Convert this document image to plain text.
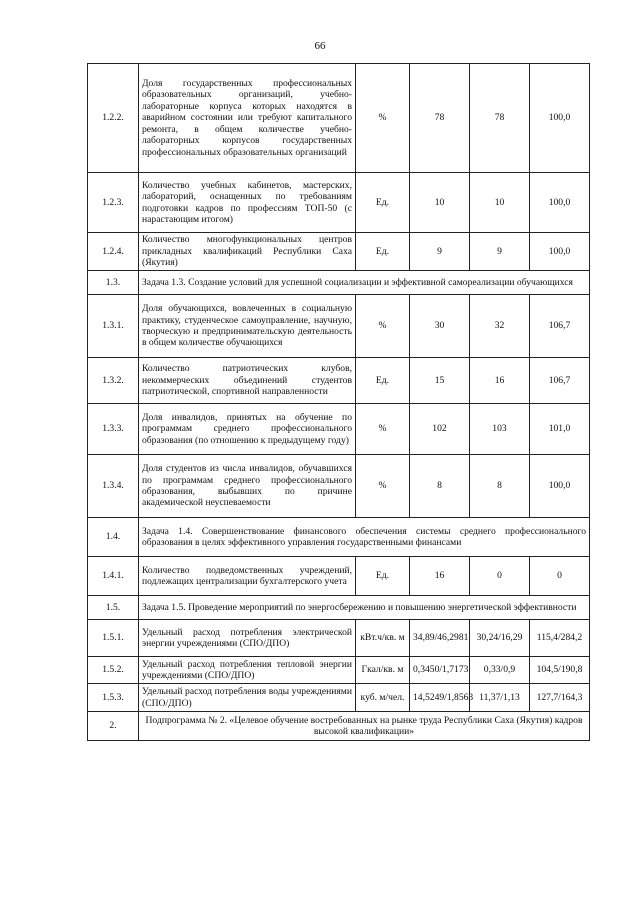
66
1.2.2.	Доля государственных профессиональных образовательных организаций, учебно-лабораторные корпуса которых находятся в аварийном состоянии или требуют капитального ремонта, в общем количестве учебно-лабораторных корпусов государственных профессиональных образовательных организаций	%	78	78	100,0
1.2.3.	Количество учебных кабинетов, мастерских, лабораторий, оснащенных по требованиям подготовки кадров по профессиям ТОП-50 (с нарастающим итогом)	Ед.	10	10	100,0
1.2.4.	Количество многофункциональных центров прикладных квалификаций Республики Саха (Якутия)	Ед.	9	9	100,0
1.3.	Задача 1.3. Создание условий для успешной социализации и эффективной самореализации обучающихся				
1.3.1.	Доля обучающихся, вовлеченных в социальную практику, студенческое самоуправление, научную, творческую и предпринимательскую деятельность в общем количестве обучающихся	%	30	32	106,7
1.3.2.	Количество патриотических клубов, некоммерческих объединений студентов патриотической, спортивной направленности	Ед.	15	16	106,7
1.3.3.	Доля инвалидов, принятых на обучение по программам среднего профессионального образования (по отношению к предыдущему году)	%	102	103	101,0
1.3.4.	Доля студентов из числа инвалидов, обучавшихся по программам среднего профессионального образования, выбывших по причине академической неуспеваемости	%	8	8	100,0
1.4.	Задача 1.4. Совершенствование финансового обеспечения системы среднего профессионального образования в целях эффективного управления государственными финансами				
1.4.1.	Количество подведомственных учреждений, подлежащих централизации бухгалтерского учета	Ед.	16	0	0
1.5.	Задача 1.5. Проведение мероприятий по энергосбережению и повышению энергетической эффективности				
1.5.1.	Удельный расход потребления электрической энергии учреждениями (СПО/ДПО)	кВт.ч/кв. м	34,89/46,2981	30,24/16,29	115,4/284,2
1.5.2.	Удельный расход потребления тепловой энергии учреждениями (СПО/ДПО)	Гкал/кв. м	0,3450/1,7173	0,33/0,9	104,5/190,8
1.5.3.	Удельный расход потребления воды учреждениями (СПО/ДПО)	куб. м/чел.	14,5249/1,8563	11,37/1,13	127,7/164,3
2.	Подпрограмма № 2. «Целевое обучение востребованных на рынке труда Республики Саха (Якутия) кадров высокой квалификации»				
